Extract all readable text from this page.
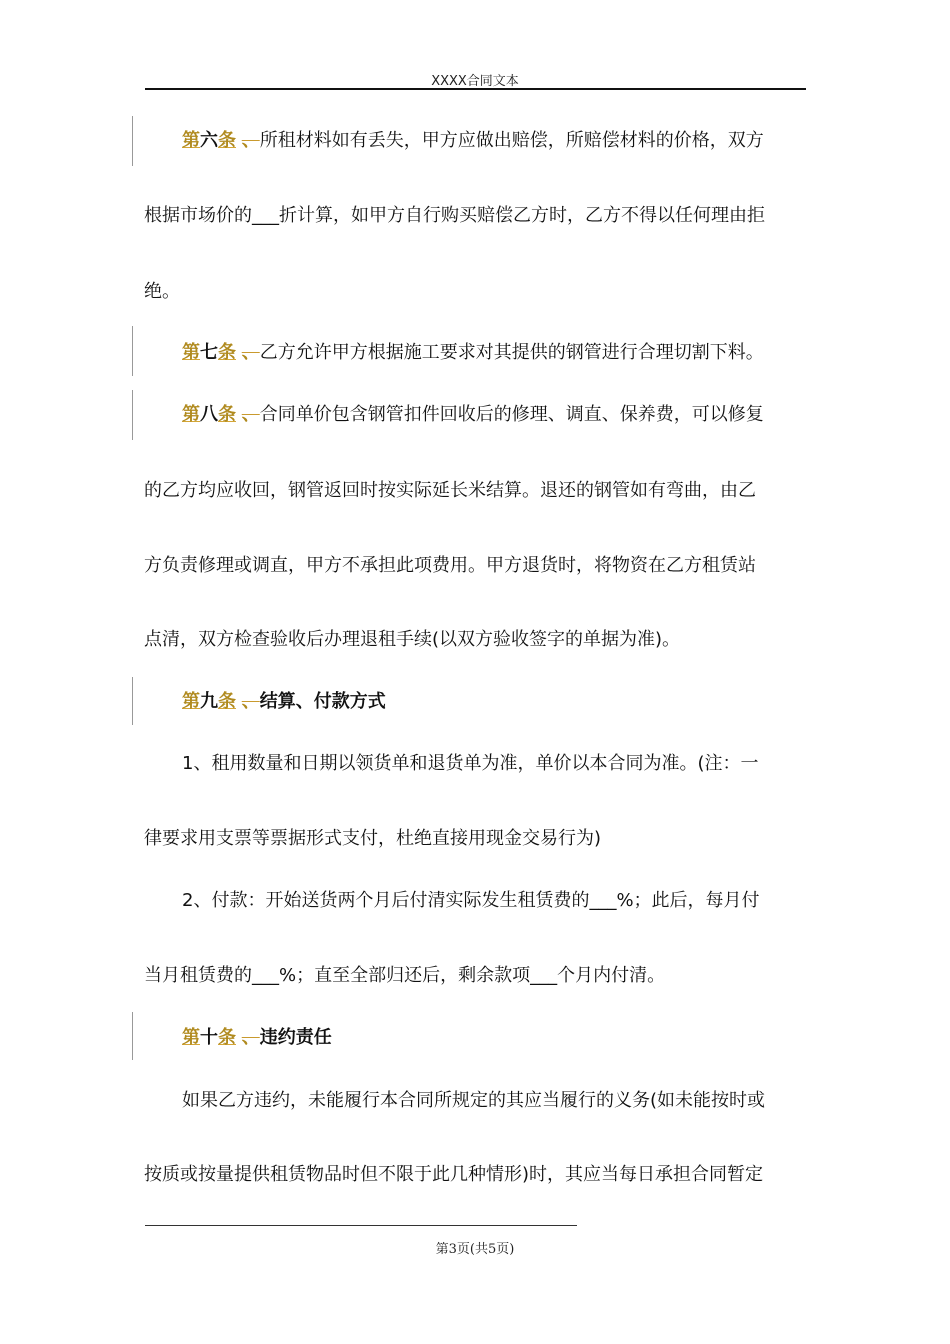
XXXX合同文本
第六条 、所租材料如有丢失，甲方应做出赔偿，所赔偿材料的价格，双方
根据市场价的___折计算，如甲方自行购买赔偿乙方时，乙方不得以任何理由拒
绝。
第七条 、乙方允许甲方根据施工要求对其提供的钢管进行合理切割下料。
第八条 、合同单价包含钢管扣件回收后的修理、调直、保养费，可以修复
的乙方均应收回，钢管返回时按实际延长米结算。退还的钢管如有弯曲，由乙
方负责修理或调直，甲方不承担此项费用。甲方退货时，将物资在乙方租赁站
点清，双方检查验收后办理退租手续(以双方验收签字的单据为准)。
第九条 、结算、付款方式
1、租用数量和日期以领货单和退货单为准，单价以本合同为准。(注：一
律要求用支票等票据形式支付，杜绝直接用现金交易行为)
2、付款：开始送货两个月后付清实际发生租赁费的___%；此后，每月付
当月租赁费的___%；直至全部归还后，剩余款项___个月内付清。
第十条 、违约责任
如果乙方违约，未能履行本合同所规定的其应当履行的义务(如未能按时或
按质或按量提供租赁物品时但不限于此几种情形)时，其应当每日承担合同暂定
第3页(共5页)
